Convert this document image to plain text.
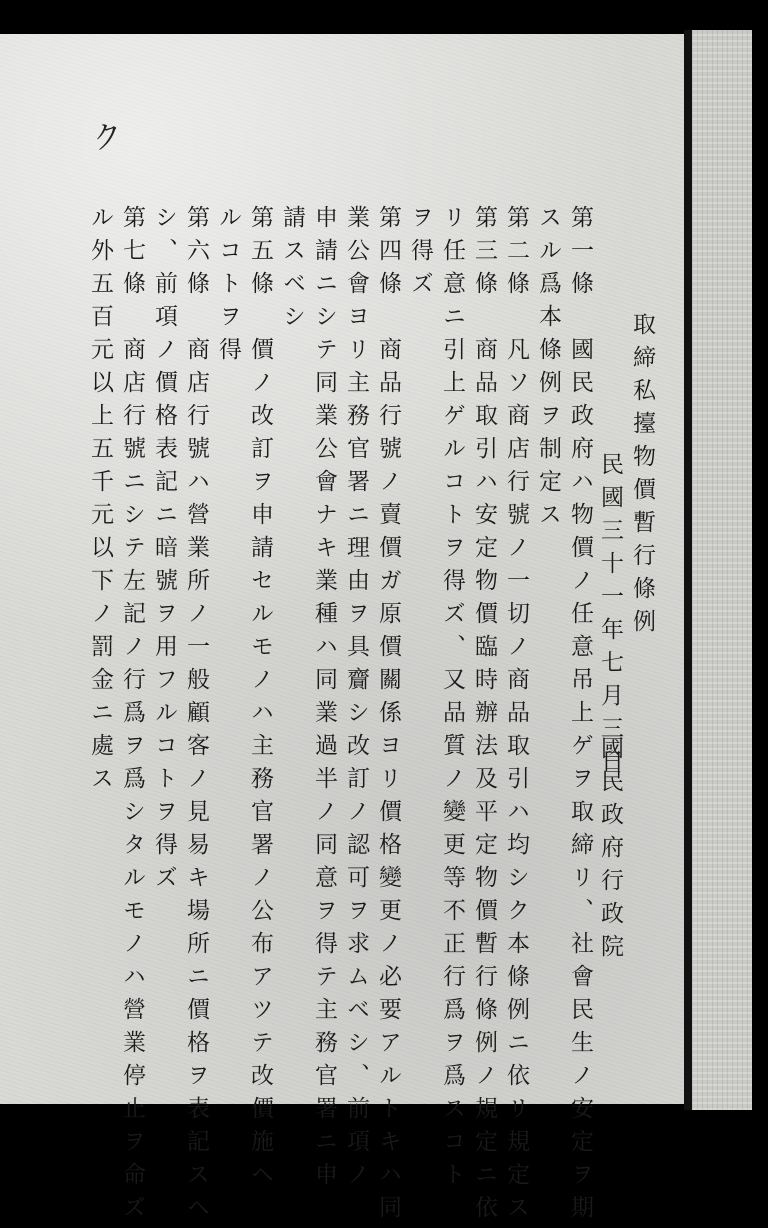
ク
取締私擡物價暫行條例
民國三十一年七月三日
國民政府行政院
第一條　國民政府ハ物價ノ任意吊上ゲヲ取締リ、社會民生ノ安定ヲ期
スル爲本條例ヲ制定ス
第二條　凡ソ商店行號ノ一切ノ商品取引ハ均シク本條例ニ依リ規定ス
第三條　商品取引ハ安定物價臨時辦法及平定物價暫行條例ノ規定ニ依
リ任意ニ引上ゲルコトヲ得ズ、又品質ノ變更等不正行爲ヲ爲スコト
ヲ得ズ
第四條　商品行號ノ賣價ガ原價關係ヨリ價格變更ノ必要アルトキハ同
業公會ヨリ主務官署ニ理由ヲ具齎シ改訂ノ認可ヲ求ムベシ、前項ノ
申請ニシテ同業公會ナキ業種ハ同業過半ノ同意ヲ得テ主務官署ニ申
請スベシ
第五條　價ノ改訂ヲ申請セルモノハ主務官署ノ公布アツテ改價施ヘ
ルコトヲ得
第六條　商店行號ハ營業所ノ一般顧客ノ見易キ場所ニ價格ヲ表記スヘ
シ、前項ノ價格表記ニ暗號ヲ用フルコトヲ得ズ
第七條　商店行號ニシテ左記ノ行爲ヲ爲シタルモノハ營業停止ヲ命ズ
ル外五百元以上五千元以下ノ罰金ニ處ス
